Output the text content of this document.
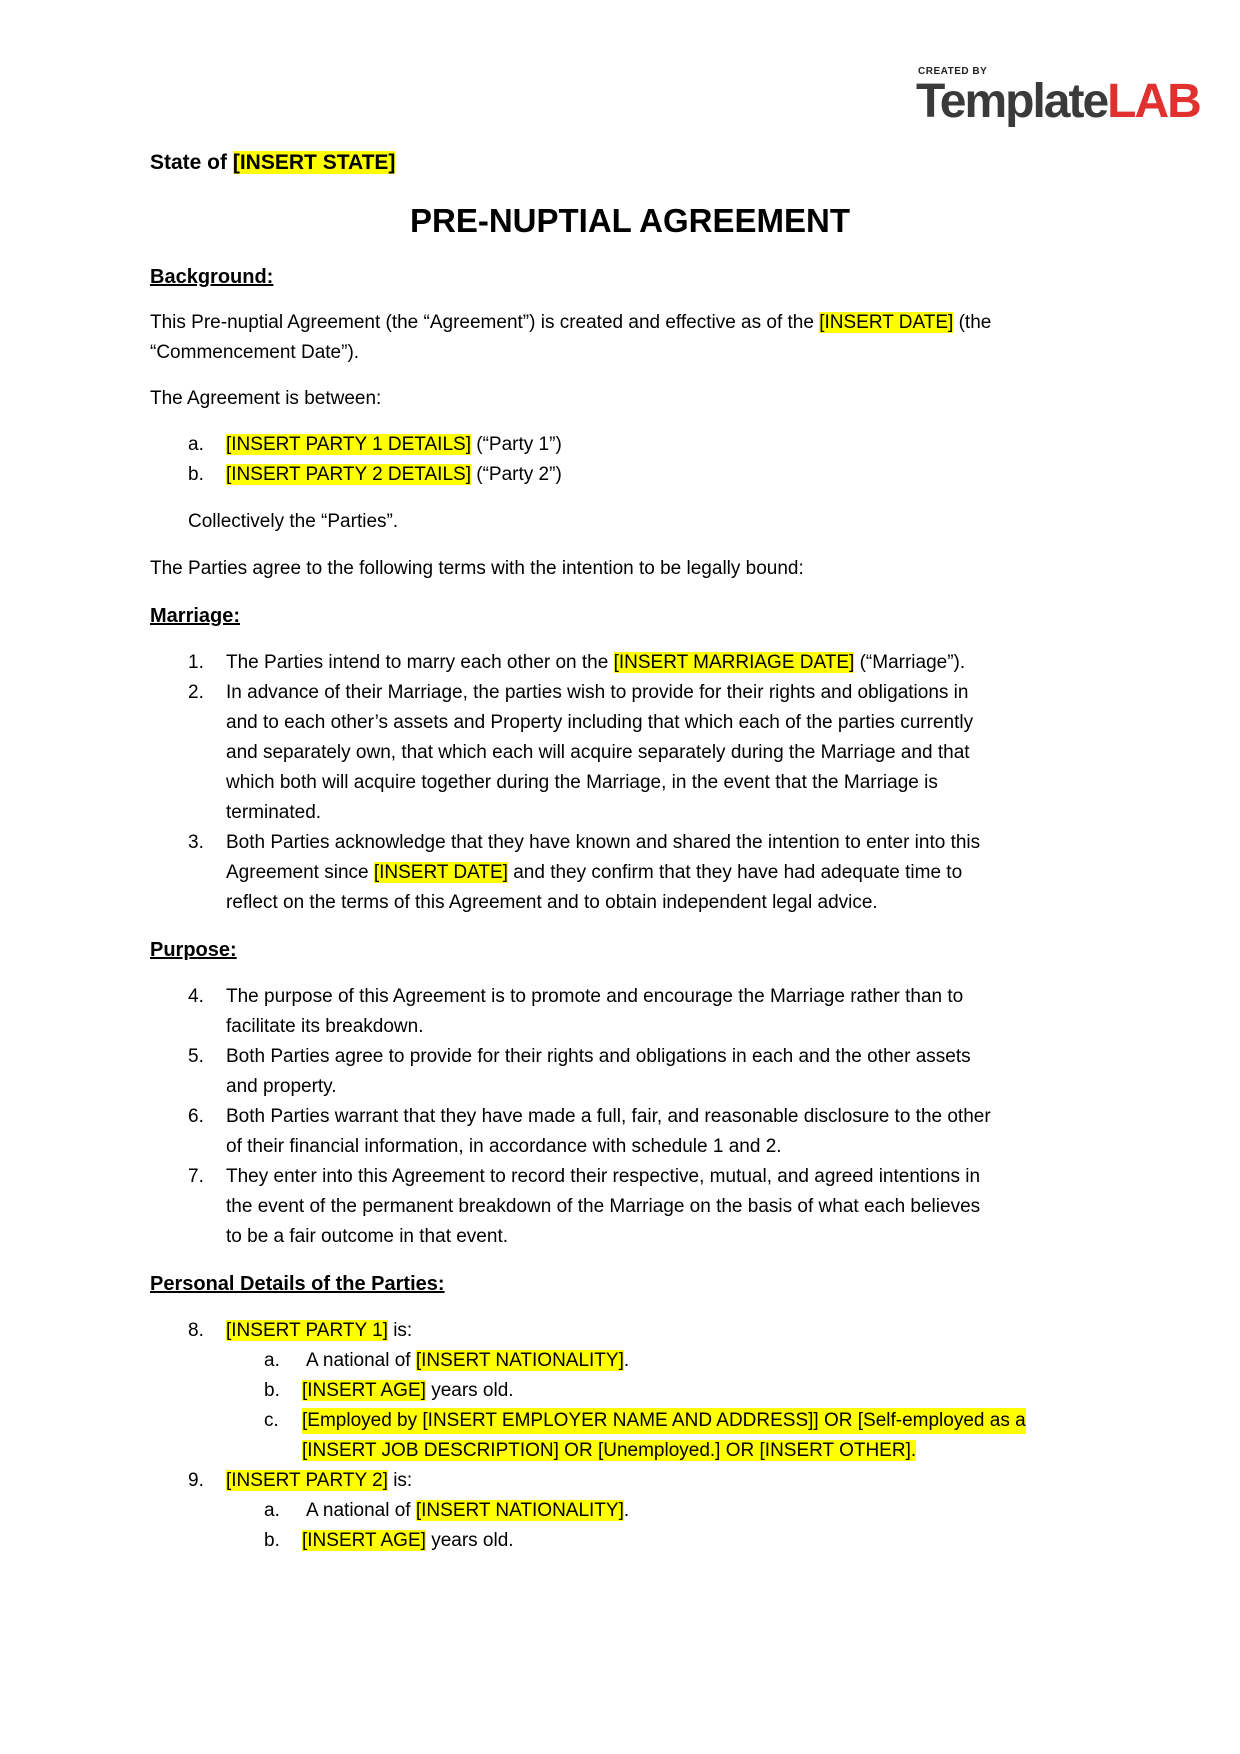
CREATED BY
TemplateLAB
State of [INSERT STATE]
PRE-NUPTIAL AGREEMENT
Background:
This Pre-nuptial Agreement (the “Agreement”) is created and effective as of the [INSERT DATE] (the
“Commencement Date”).
The Agreement is between:
a.	[INSERT PARTY 1 DETAILS] (“Party 1”)
b.	[INSERT PARTY 2 DETAILS] (“Party 2”)
Collectively the “Parties”.
The Parties agree to the following terms with the intention to be legally bound:
Marriage:
1.	The Parties intend to marry each other on the [INSERT MARRIAGE DATE] (“Marriage”).
2.	In advance of their Marriage, the parties wish to provide for their rights and obligations in
and to each other’s assets and Property including that which each of the parties currently
and separately own, that which each will acquire separately during the Marriage and that
which both will acquire together during the Marriage, in the event that the Marriage is
terminated.
3.	Both Parties acknowledge that they have known and shared the intention to enter into this
Agreement since [INSERT DATE] and they confirm that they have had adequate time to
reflect on the terms of this Agreement and to obtain independent legal advice.
Purpose:
4.	The purpose of this Agreement is to promote and encourage the Marriage rather than to
facilitate its breakdown.
5.	Both Parties agree to provide for their rights and obligations in each and the other assets
and property.
6.	Both Parties warrant that they have made a full, fair, and reasonable disclosure to the other
of their financial information, in accordance with schedule 1 and 2.
7.	They enter into this Agreement to record their respective, mutual, and agreed intentions in
the event of the permanent breakdown of the Marriage on the basis of what each believes
to be a fair outcome in that event.
Personal Details of the Parties:
8.	[INSERT PARTY 1] is:
a.	A national of [INSERT NATIONALITY].
b.	[INSERT AGE] years old.
c.	[Employed by [INSERT EMPLOYER NAME AND ADDRESS]] OR [Self-employed as a
[INSERT JOB DESCRIPTION] OR [Unemployed.] OR [INSERT OTHER].
9.	[INSERT PARTY 2] is:
a.	A national of [INSERT NATIONALITY].
b.	[INSERT AGE] years old.
